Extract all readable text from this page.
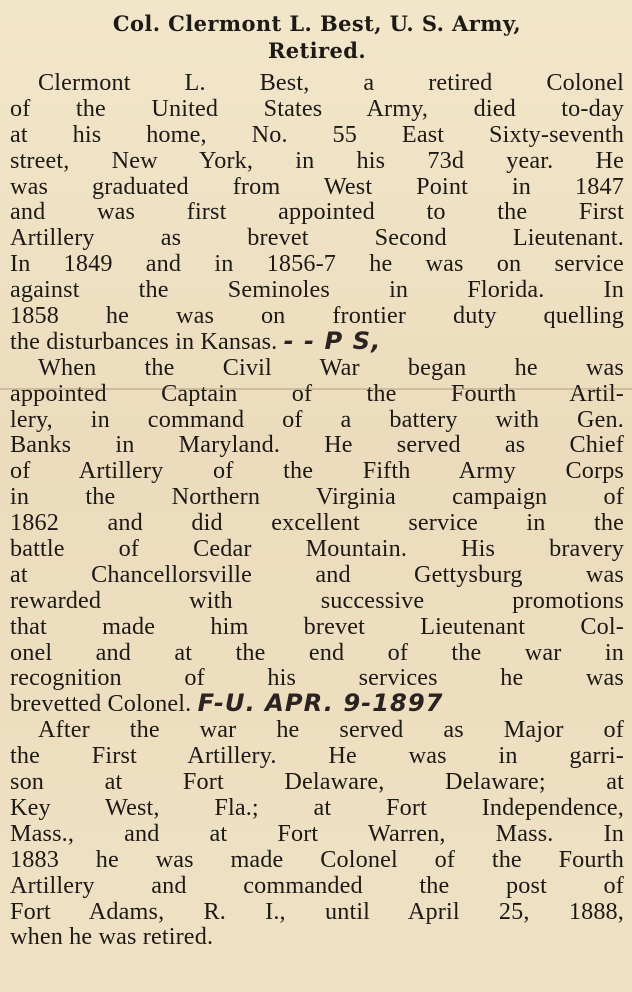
Col. Clermont L. Best, U. S. Army,
Retired.
Clermont L. Best, a retired Colonel
of the United States Army, died to-day
at his home, No. 55 East Sixty-seventh
street, New York, in his 73d year. He
was graduated from West Point in 1847
and was first appointed to the First
Artillery as brevet Second Lieutenant.
In 1849 and in 1856-7 he was on service
against the Seminoles in Florida. In
1858 he was on frontier duty quelling
the disturbances in Kansas. - - P S,
When the Civil War began he was
appointed Captain of the Fourth Artil-
lery, in command of a battery with Gen.
Banks in Maryland. He served as Chief
of Artillery of the Fifth Army Corps
in the Northern Virginia campaign of
1862 and did excellent service in the
battle of Cedar Mountain. His bravery
at Chancellorsville and Gettysburg was
rewarded with successive promotions
that made him brevet Lieutenant Col-
onel and at the end of the war in
recognition of his services he was
brevetted Colonel. F-U. APR. 9-1897
After the war he served as Major of
the First Artillery. He was in garri-
son at Fort Delaware, Delaware; at
Key West, Fla.; at Fort Independence,
Mass., and at Fort Warren, Mass. In
1883 he was made Colonel of the Fourth
Artillery and commanded the post of
Fort Adams, R. I., until April 25, 1888,
when he was retired.
